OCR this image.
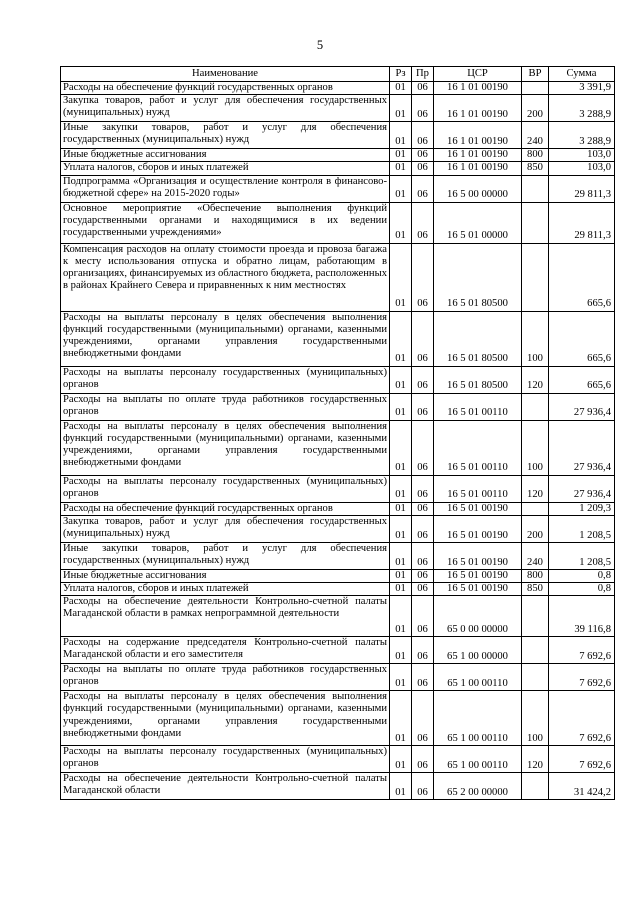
5
Наименование	Рз	Пр	ЦСР	ВР	Сумма
Расходы на обеспечение функций государственных органов	01	06	16 1 01 00190		3 391,9
Закупка товаров, работ и услуг для обеспечения государственных (муниципальных) нужд	01	06	16 1 01 00190	200	3 288,9
Иные закупки товаров, работ и услуг для обеспечения государственных (муниципальных) нужд	01	06	16 1 01 00190	240	3 288,9
Иные бюджетные ассигнования	01	06	16 1 01 00190	800	103,0
Уплата налогов, сборов и иных платежей	01	06	16 1 01 00190	850	103,0
Подпрограмма «Организация и осуществление контроля в финансово-бюджетной сфере» на 2015-2020 годы»	01	06	16 5 00 00000		29 811,3
Основное мероприятие «Обеспечение выполнения функций государственными органами и находящимися в их ведении государственными учреждениями»	01	06	16 5 01 00000		29 811,3
Компенсация расходов на оплату стоимости проезда и провоза багажа к месту использования отпуска и обратно лицам, работающим в организациях, финансируемых из областного бюджета, расположенных в районах Крайнего Севера и приравненных к ним местностях	01	06	16 5 01 80500		665,6
Расходы на выплаты персоналу в целях обеспечения выполнения функций государственными (муниципальными) органами, казенными учреждениями, органами управления государственными внебюджетными фондами	01	06	16 5 01 80500	100	665,6
Расходы на выплаты персоналу государственных (муниципальных) органов	01	06	16 5 01 80500	120	665,6
Расходы на выплаты по оплате труда работников государственных органов	01	06	16 5 01 00110		27 936,4
Расходы на выплаты персоналу в целях обеспечения выполнения функций государственными (муниципальными) органами, казенными учреждениями, органами управления государственными внебюджетными фондами	01	06	16 5 01 00110	100	27 936,4
Расходы на выплаты персоналу государственных (муниципальных) органов	01	06	16 5 01 00110	120	27 936,4
Расходы на обеспечение функций государственных органов	01	06	16 5 01 00190		1 209,3
Закупка товаров, работ и услуг для обеспечения государственных (муниципальных) нужд	01	06	16 5 01 00190	200	1 208,5
Иные закупки товаров, работ и услуг для обеспечения государственных (муниципальных) нужд	01	06	16 5 01 00190	240	1 208,5
Иные бюджетные ассигнования	01	06	16 5 01 00190	800	0,8
Уплата налогов, сборов и иных платежей	01	06	16 5 01 00190	850	0,8
Расходы на обеспечение деятельности Контрольно-счетной палаты Магаданской области в рамках непрограммной деятельности	01	06	65 0 00 00000		39 116,8
Расходы на содержание председателя Контрольно-счетной палаты Магаданской области и его заместителя	01	06	65 1 00 00000		7 692,6
Расходы на выплаты по оплате труда работников государственных органов	01	06	65 1 00 00110		7 692,6
Расходы на выплаты персоналу в целях обеспечения выполнения функций государственными (муниципальными) органами, казенными учреждениями, органами управления государственными внебюджетными фондами	01	06	65 1 00 00110	100	7 692,6
Расходы на выплаты персоналу государственных (муниципальных) органов	01	06	65 1 00 00110	120	7 692,6
Расходы на обеспечение деятельности Контрольно-счетной палаты Магаданской области	01	06	65 2 00 00000		31 424,2
